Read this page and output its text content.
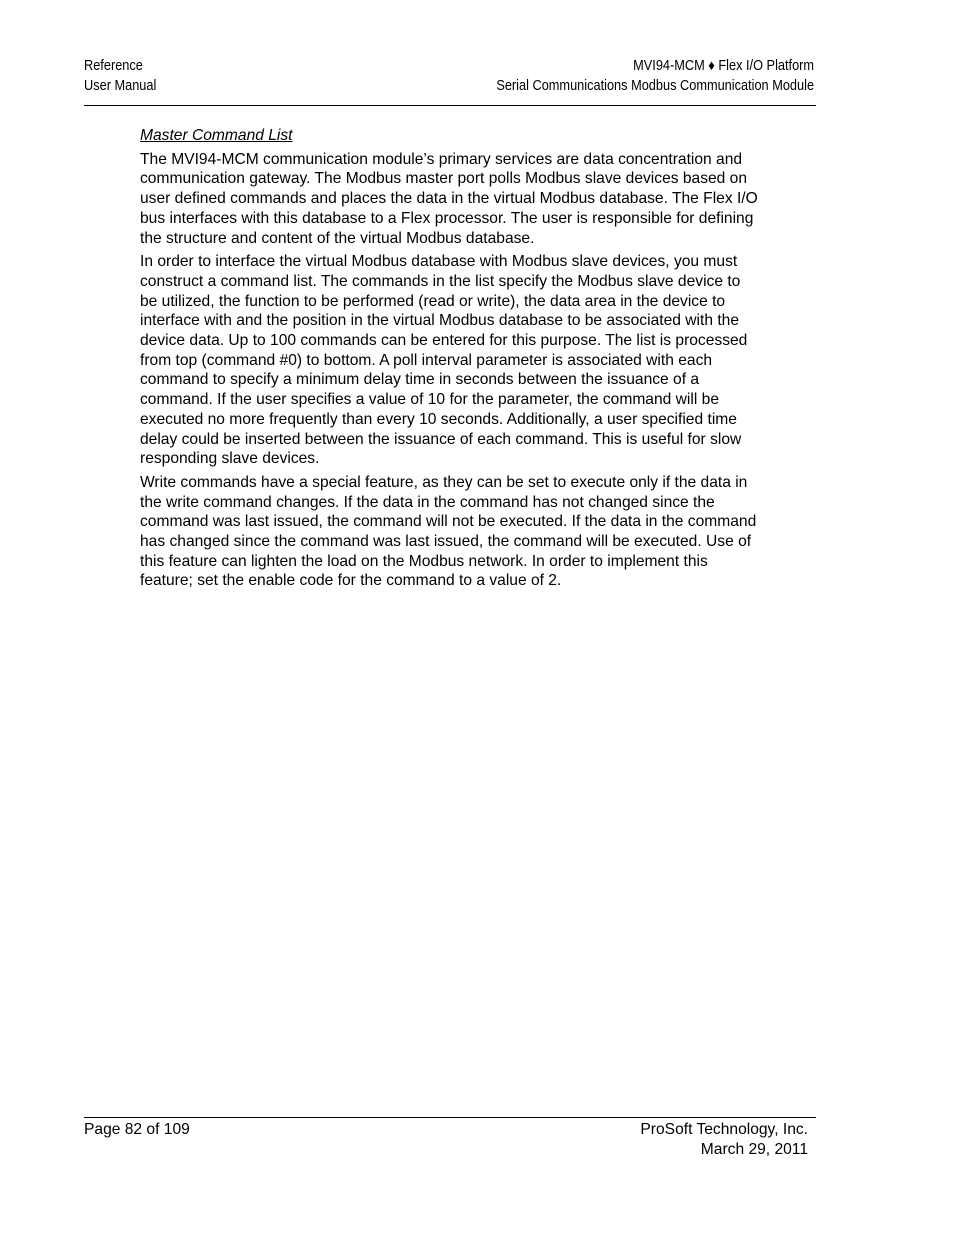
Reference
User Manual
MVI94-MCM ♦ Flex I/O Platform
Serial Communications Modbus Communication Module
Master Command List

The MVI94-MCM communication module’s primary services are data concentration and communication gateway. The Modbus master port polls Modbus slave devices based on user defined commands and places the data in the virtual Modbus database. The Flex I/O bus interfaces with this database to a Flex processor. The user is responsible for defining the structure and content of the virtual Modbus database.

In order to interface the virtual Modbus database with Modbus slave devices, you must construct a command list. The commands in the list specify the Modbus slave device to be utilized, the function to be performed (read or write), the data area in the device to interface with and the position in the virtual Modbus database to be associated with the device data. Up to 100 commands can be entered for this purpose. The list is processed from top (command #0) to bottom. A poll interval parameter is associated with each command to specify a minimum delay time in seconds between the issuance of a command. If the user specifies a value of 10 for the parameter, the command will be executed no more frequently than every 10 seconds. Additionally, a user specified time delay could be inserted between the issuance of each command. This is useful for slow responding slave devices.

Write commands have a special feature, as they can be set to execute only if the data in the write command changes. If the data in the command has not changed since the command was last issued, the command will not be executed. If the data in the command has changed since the command was last issued, the command will be executed. Use of this feature can lighten the load on the Modbus network. In order to implement this feature; set the enable code for the command to a value of 2.

Page 82 of 109	ProSoft Technology, Inc.
March 29, 2011
